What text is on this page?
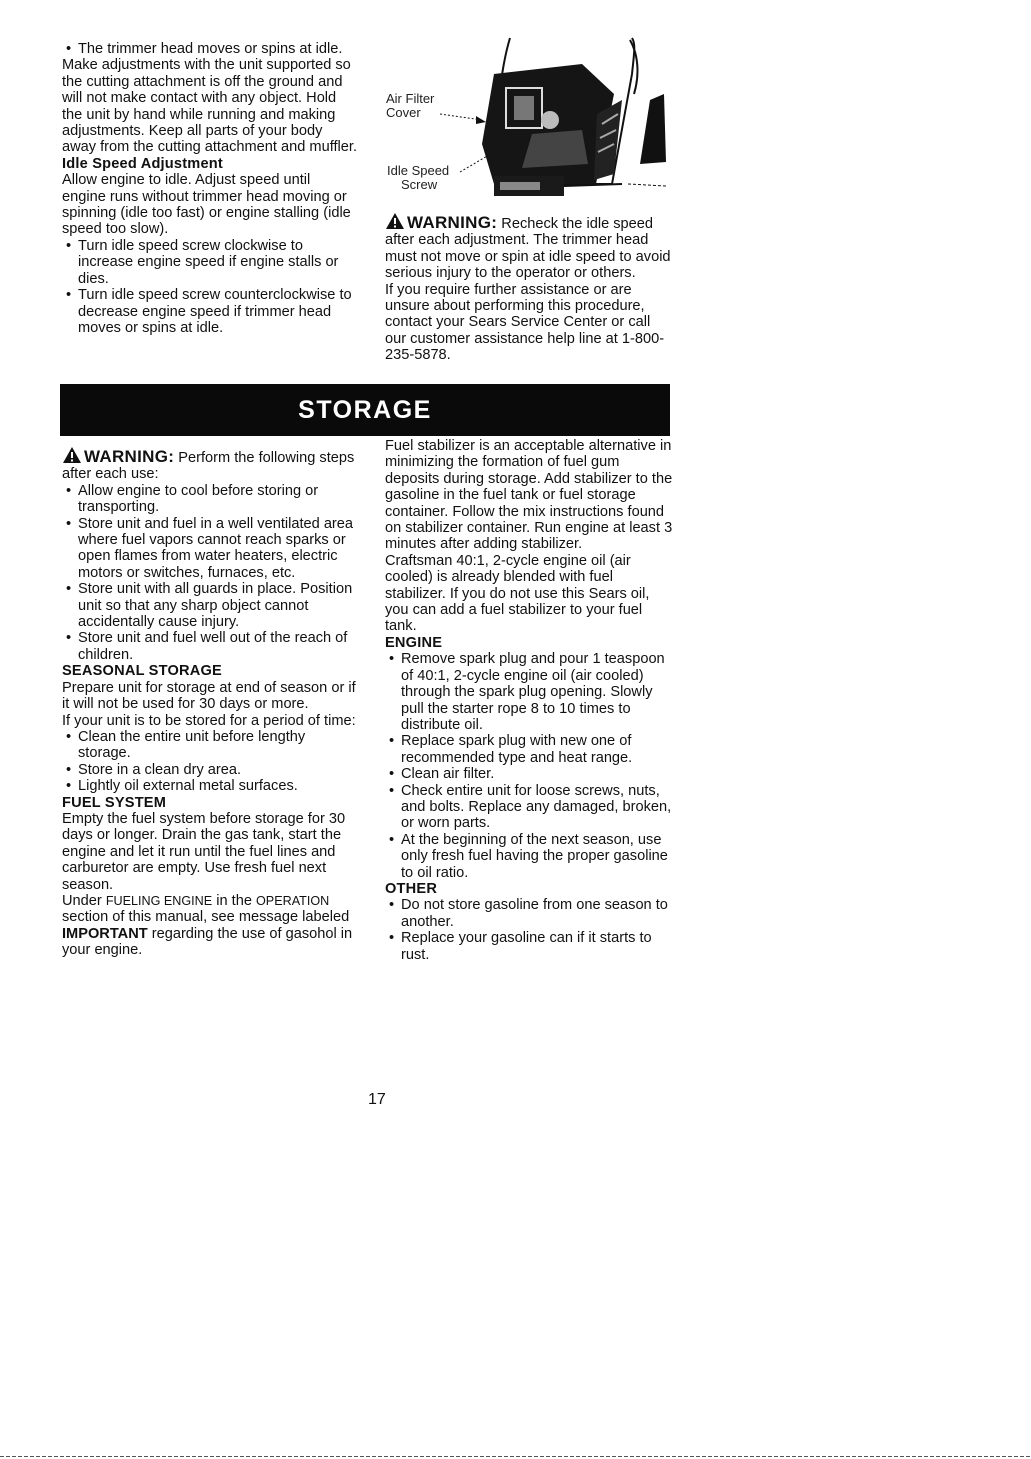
• The trimmer head moves or spins at idle.

Make adjustments with the unit supported so the cutting attachment is off the ground and will not make contact with any object. Hold the unit by hand while running and making adjustments. Keep all parts of your body away from the cutting attachment and muffler.

Idle Speed Adjustment

Allow engine to idle. Adjust speed until engine runs without trimmer head moving or spinning (idle too fast) or engine stalling (idle speed too slow).

• Turn idle speed screw clockwise to increase engine speed if engine stalls or dies.
• Turn idle speed screw counterclockwise to decrease engine speed if trimmer head moves or spins at idle.
Air Filter
Cover
Idle Speed
Screw

WARNING: Recheck the idle speed after each adjustment. The trimmer head must not move or spin at idle speed to avoid serious injury to the operator or others.

If you require further assistance or are unsure about performing this procedure, contact your Sears Service Center or call our customer assistance help line at 1-800-235-5878.

STORAGE

WARNING: Perform the following steps after each use:

• Allow engine to cool before storing or transporting.
• Store unit and fuel in a well ventilated area where fuel vapors cannot reach sparks or open flames from water heaters, electric motors or switches, furnaces, etc.
• Store unit with all guards in place. Position unit so that any sharp object cannot accidentally cause injury.
• Store unit and fuel well out of the reach of children.

SEASONAL STORAGE

Prepare unit for storage at end of season or if it will not be used for 30 days or more.

If your unit is to be stored for a period of time:

• Clean the entire unit before lengthy storage.
• Store in a clean dry area.
• Lightly oil external metal surfaces.

FUEL SYSTEM

Empty the fuel system before storage for 30 days or longer. Drain the gas tank, start the engine and let it run until the fuel lines and carburetor are empty. Use fresh fuel next season.

Under FUELING ENGINE in the OPERATION section of this manual, see message labeled IMPORTANT regarding the use of gasohol in your engine.

Fuel stabilizer is an acceptable alternative in minimizing the formation of fuel gum deposits during storage. Add stabilizer to the gasoline in the fuel tank or fuel storage container. Follow the mix instructions found on stabilizer container. Run engine at least 3 minutes after adding stabilizer.

Craftsman 40:1, 2-cycle engine oil (air cooled) is already blended with fuel stabilizer. If you do not use this Sears oil, you can add a fuel stabilizer to your fuel tank.

ENGINE

• Remove spark plug and pour 1 teaspoon of 40:1, 2-cycle engine oil (air cooled) through the spark plug opening. Slowly pull the starter rope 8 to 10 times to distribute oil.
• Replace spark plug with new one of recommended type and heat range.
• Clean air filter.
• Check entire unit for loose screws, nuts, and bolts. Replace any damaged, broken, or worn parts.
• At the beginning of the next season, use only fresh fuel having the proper gasoline to oil ratio.

OTHER

• Do not store gasoline from one season to another.
• Replace your gasoline can if it starts to rust.
17
